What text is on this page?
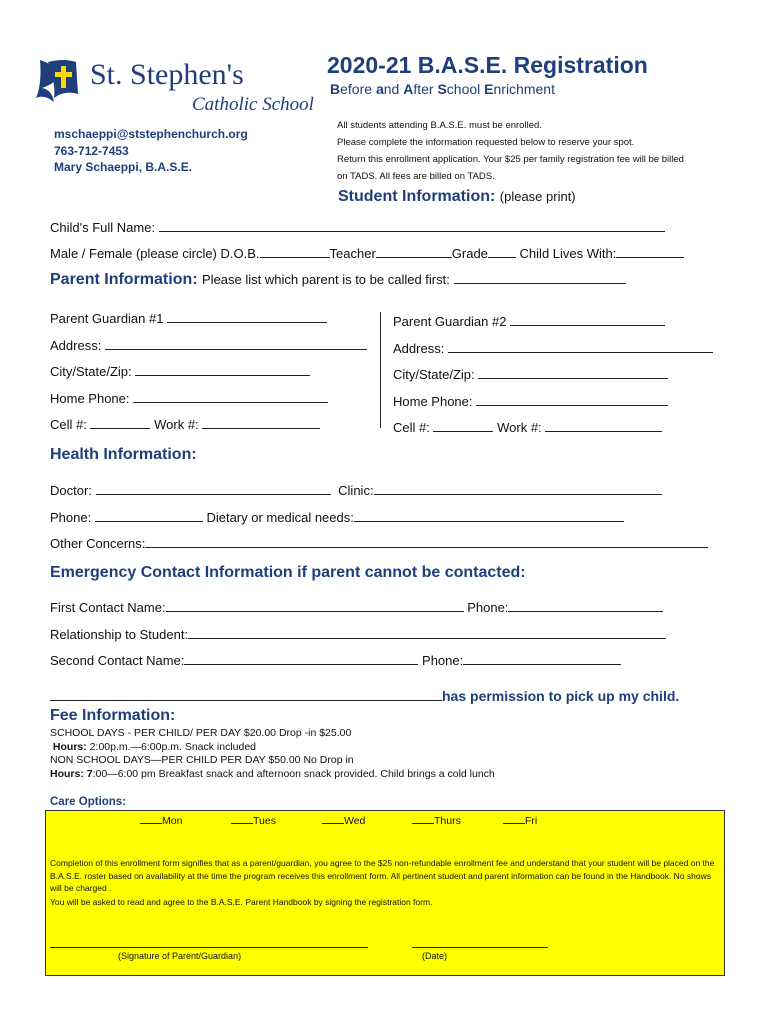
St. Stephen's
Catholic School
mschaeppi@ststephenchurch.org
763-712-7453
Mary Schaeppi, B.A.S.E.
2020-21 B.A.S.E. Registration
Before and After School Enrichment
All students attending B.A.S.E. must be enrolled.
Please complete the information requested below to reserve your spot.
Return this enrollment application. Your $25 per family registration fee will be billed
on TADS. All fees are billed on TADS.
Student Information: (please print)
Child's Full Name:
Male / Female (please circle) D.O.B.	Teacher	Grade Child Lives With:
Parent Information: Please list which parent is to be called first:
Parent Guardian #1
Address:
City/State/Zip:
Home Phone:
Cell #:	Work #:
Parent Guardian #2
Address:
City/State/Zip:
Home Phone:
Cell #:	Work #:
Health Information:
Doctor:	Clinic:
Phone:	Dietary or medical needs:
Other Concerns:
Emergency Contact Information if parent cannot be contacted:
First Contact Name:	Phone:
Relationship to Student:
Second Contact Name:	Phone:
has permission to pick up my child.
Fee Information:
SCHOOL DAYS - PER CHILD/ PER DAY $20.00 Drop -in $25.00
Hours: 2:00p.m.—6:00p.m. Snack included
NON SCHOOL DAYS—PER CHILD PER DAY $50.00 No Drop in
Hours: 7:00—6:00 pm Breakfast snack and afternoon snack provided. Child brings a cold lunch
Care Options:
Mon	Tues	Wed	Thurs	Fri
Completion of this enrollment form signifies that as a parent/guardian, you agree to the $25 non-refundable enrollment fee and understand that your student will be placed on the B.A.S.E. roster based on availability at the time the program receives this enrollment form. All pertinent student and parent information can be found in the Handbook. No shows will be charged .
You will be asked to read and agree to the B.A.S.E. Parent Handbook by signing the registration form.
(Signature of Parent/Guardian)	(Date)
